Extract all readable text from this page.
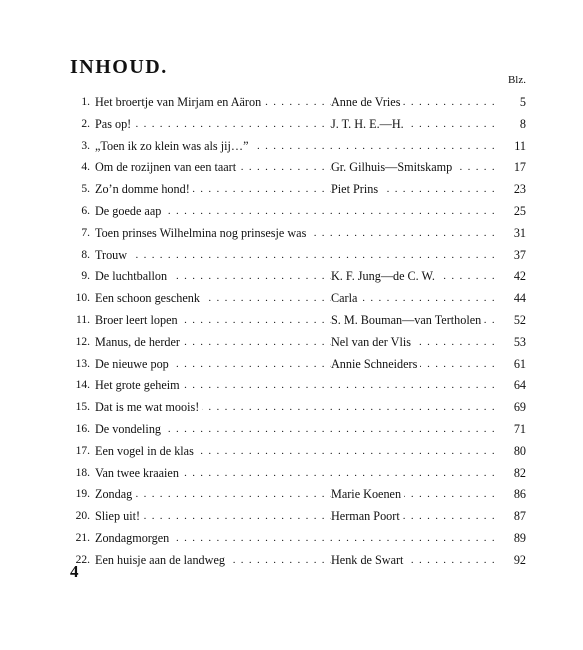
INHOUD.
Blz.
1. . . . Het broertje van Mirjam en Aäron	Anne de Vries	5
2. . . . Pas op!	J. T. H. E.—H.	8
3. . . . „Toen ik zo klein was als jij…”	11
4. . . . Om de rozijnen van een taart	Gr. Gilhuis—Smitskamp	17
5. . . . Zo’n domme hond!	Piet Prins	23
6. . . . De goede aap	25
7. . . . Toen prinses Wilhelmina nog prinsesje was	31
8. . . . Trouw	37
9. . . . De luchtballon	K. F. Jung—de C. W.	42
10. . . . Een schoon geschenk	Carla	44
11. . . . Broer leert lopen	S. M. Bouman—van Tertholen	52
12. . . . Manus, de herder	Nel van der Vlis	53
13. . . . De nieuwe pop	Annie Schneiders	61
14. . . . Het grote geheim	64
15. . . . Dat is me wat moois!	69
16. . . . De vondeling	71
17. . . . Een vogel in de klas	80
18. . . . Van twee kraaien	82
19. . . . Zondag	Marie Koenen	86
20. . . . Sliep uit!	Herman Poort	87
21. . . . Zondagmorgen	89
22. . . . Een huisje aan de landweg	Henk de Swart	92
4
